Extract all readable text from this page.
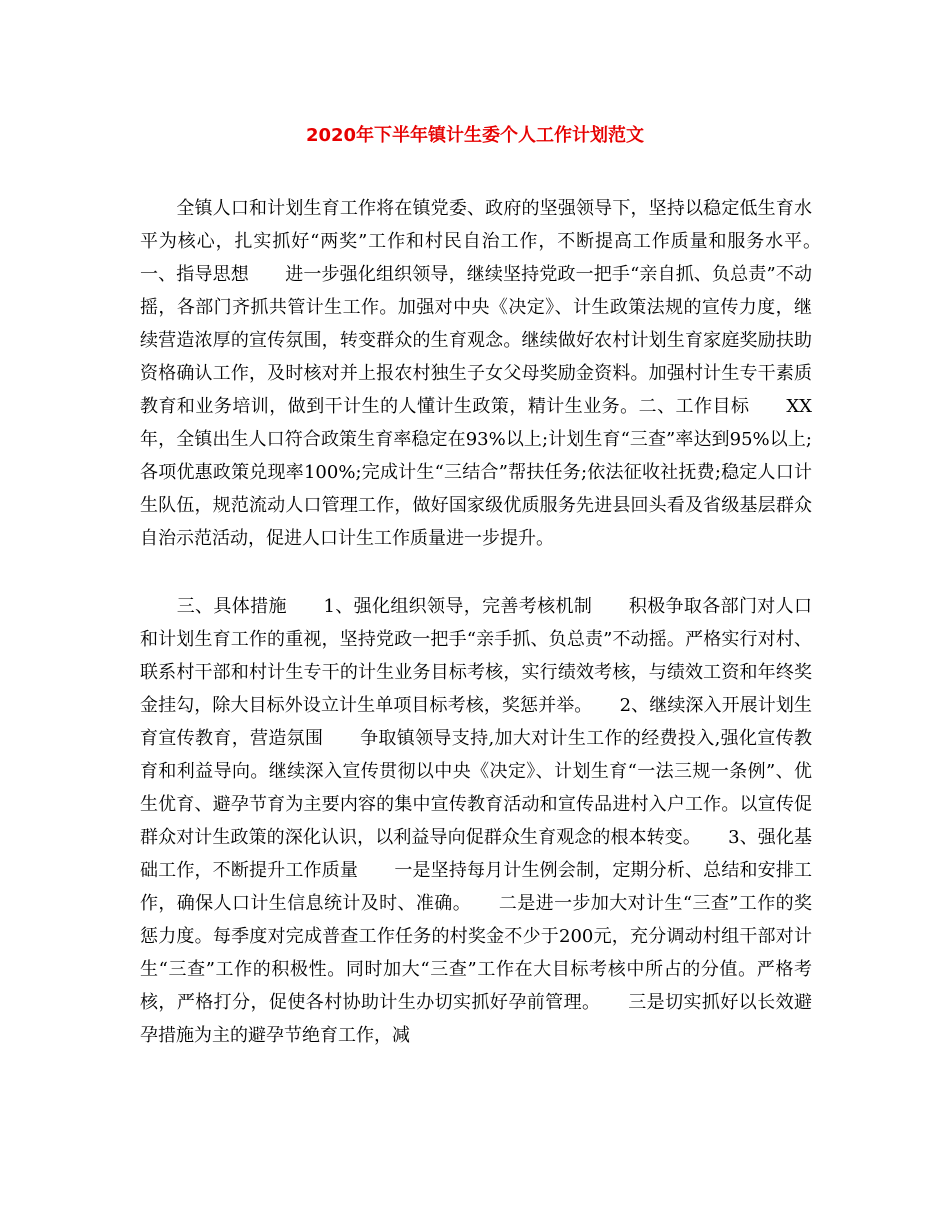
2020年下半年镇计生委个人工作计划范文

　　全镇人口和计划生育工作将在镇党委、政府的坚强领导下，坚持以稳定低生育水平为核心，扎实抓好“两奖”工作和村民自治工作，不断提高工作质量和服务水平。　　一、指导思想　　进一步强化组织领导，继续坚持党政一把手“亲自抓、负总责”不动摇，各部门齐抓共管计生工作。加强对中央《决定》、计生政策法规的宣传力度，继续营造浓厚的宣传氛围，转变群众的生育观念。继续做好农村计划生育家庭奖励扶助资格确认工作，及时核对并上报农村独生子女父母奖励金资料。加强村计生专干素质教育和业务培训，做到干计生的人懂计生政策，精计生业务。二、工作目标　　XX年，全镇出生人口符合政策生育率稳定在93%以上;计划生育“三查”率达到95%以上;各项优惠政策兑现率100%;完成计生“三结合”帮扶任务;依法征收社抚费;稳定人口计生队伍，规范流动人口管理工作，做好国家级优质服务先进县回头看及省级基层群众自治示范活动，促进人口计生工作质量进一步提升。

　　三、具体措施　　1、强化组织领导，完善考核机制　　积极争取各部门对人口和计划生育工作的重视，坚持党政一把手“亲手抓、负总责”不动摇。严格实行对村、联系村干部和村计生专干的计生业务目标考核，实行绩效考核，与绩效工资和年终奖金挂勾，除大目标外设立计生单项目标考核，奖惩并举。　　2、继续深入开展计划生育宣传教育，营造氛围　　争取镇领导支持,加大对计生工作的经费投入,强化宣传教育和利益导向。继续深入宣传贯彻以中央《决定》、计划生育“一法三规一条例”、优生优育、避孕节育为主要内容的集中宣传教育活动和宣传品进村入户工作。以宣传促群众对计生政策的深化认识，以利益导向促群众生育观念的根本转变。　　3、强化基础工作，不断提升工作质量　　一是坚持每月计生例会制，定期分析、总结和安排工作，确保人口计生信息统计及时、准确。　　二是进一步加大对计生“三查”工作的奖惩力度。每季度对完成普查工作任务的村奖金不少于200元，充分调动村组干部对计生“三查”工作的积极性。同时加大“三查”工作在大目标考核中所占的分值。严格考核，严格打分，促使各村协助计生办切实抓好孕前管理。　　三是切实抓好以长效避孕措施为主的避孕节绝育工作，减
